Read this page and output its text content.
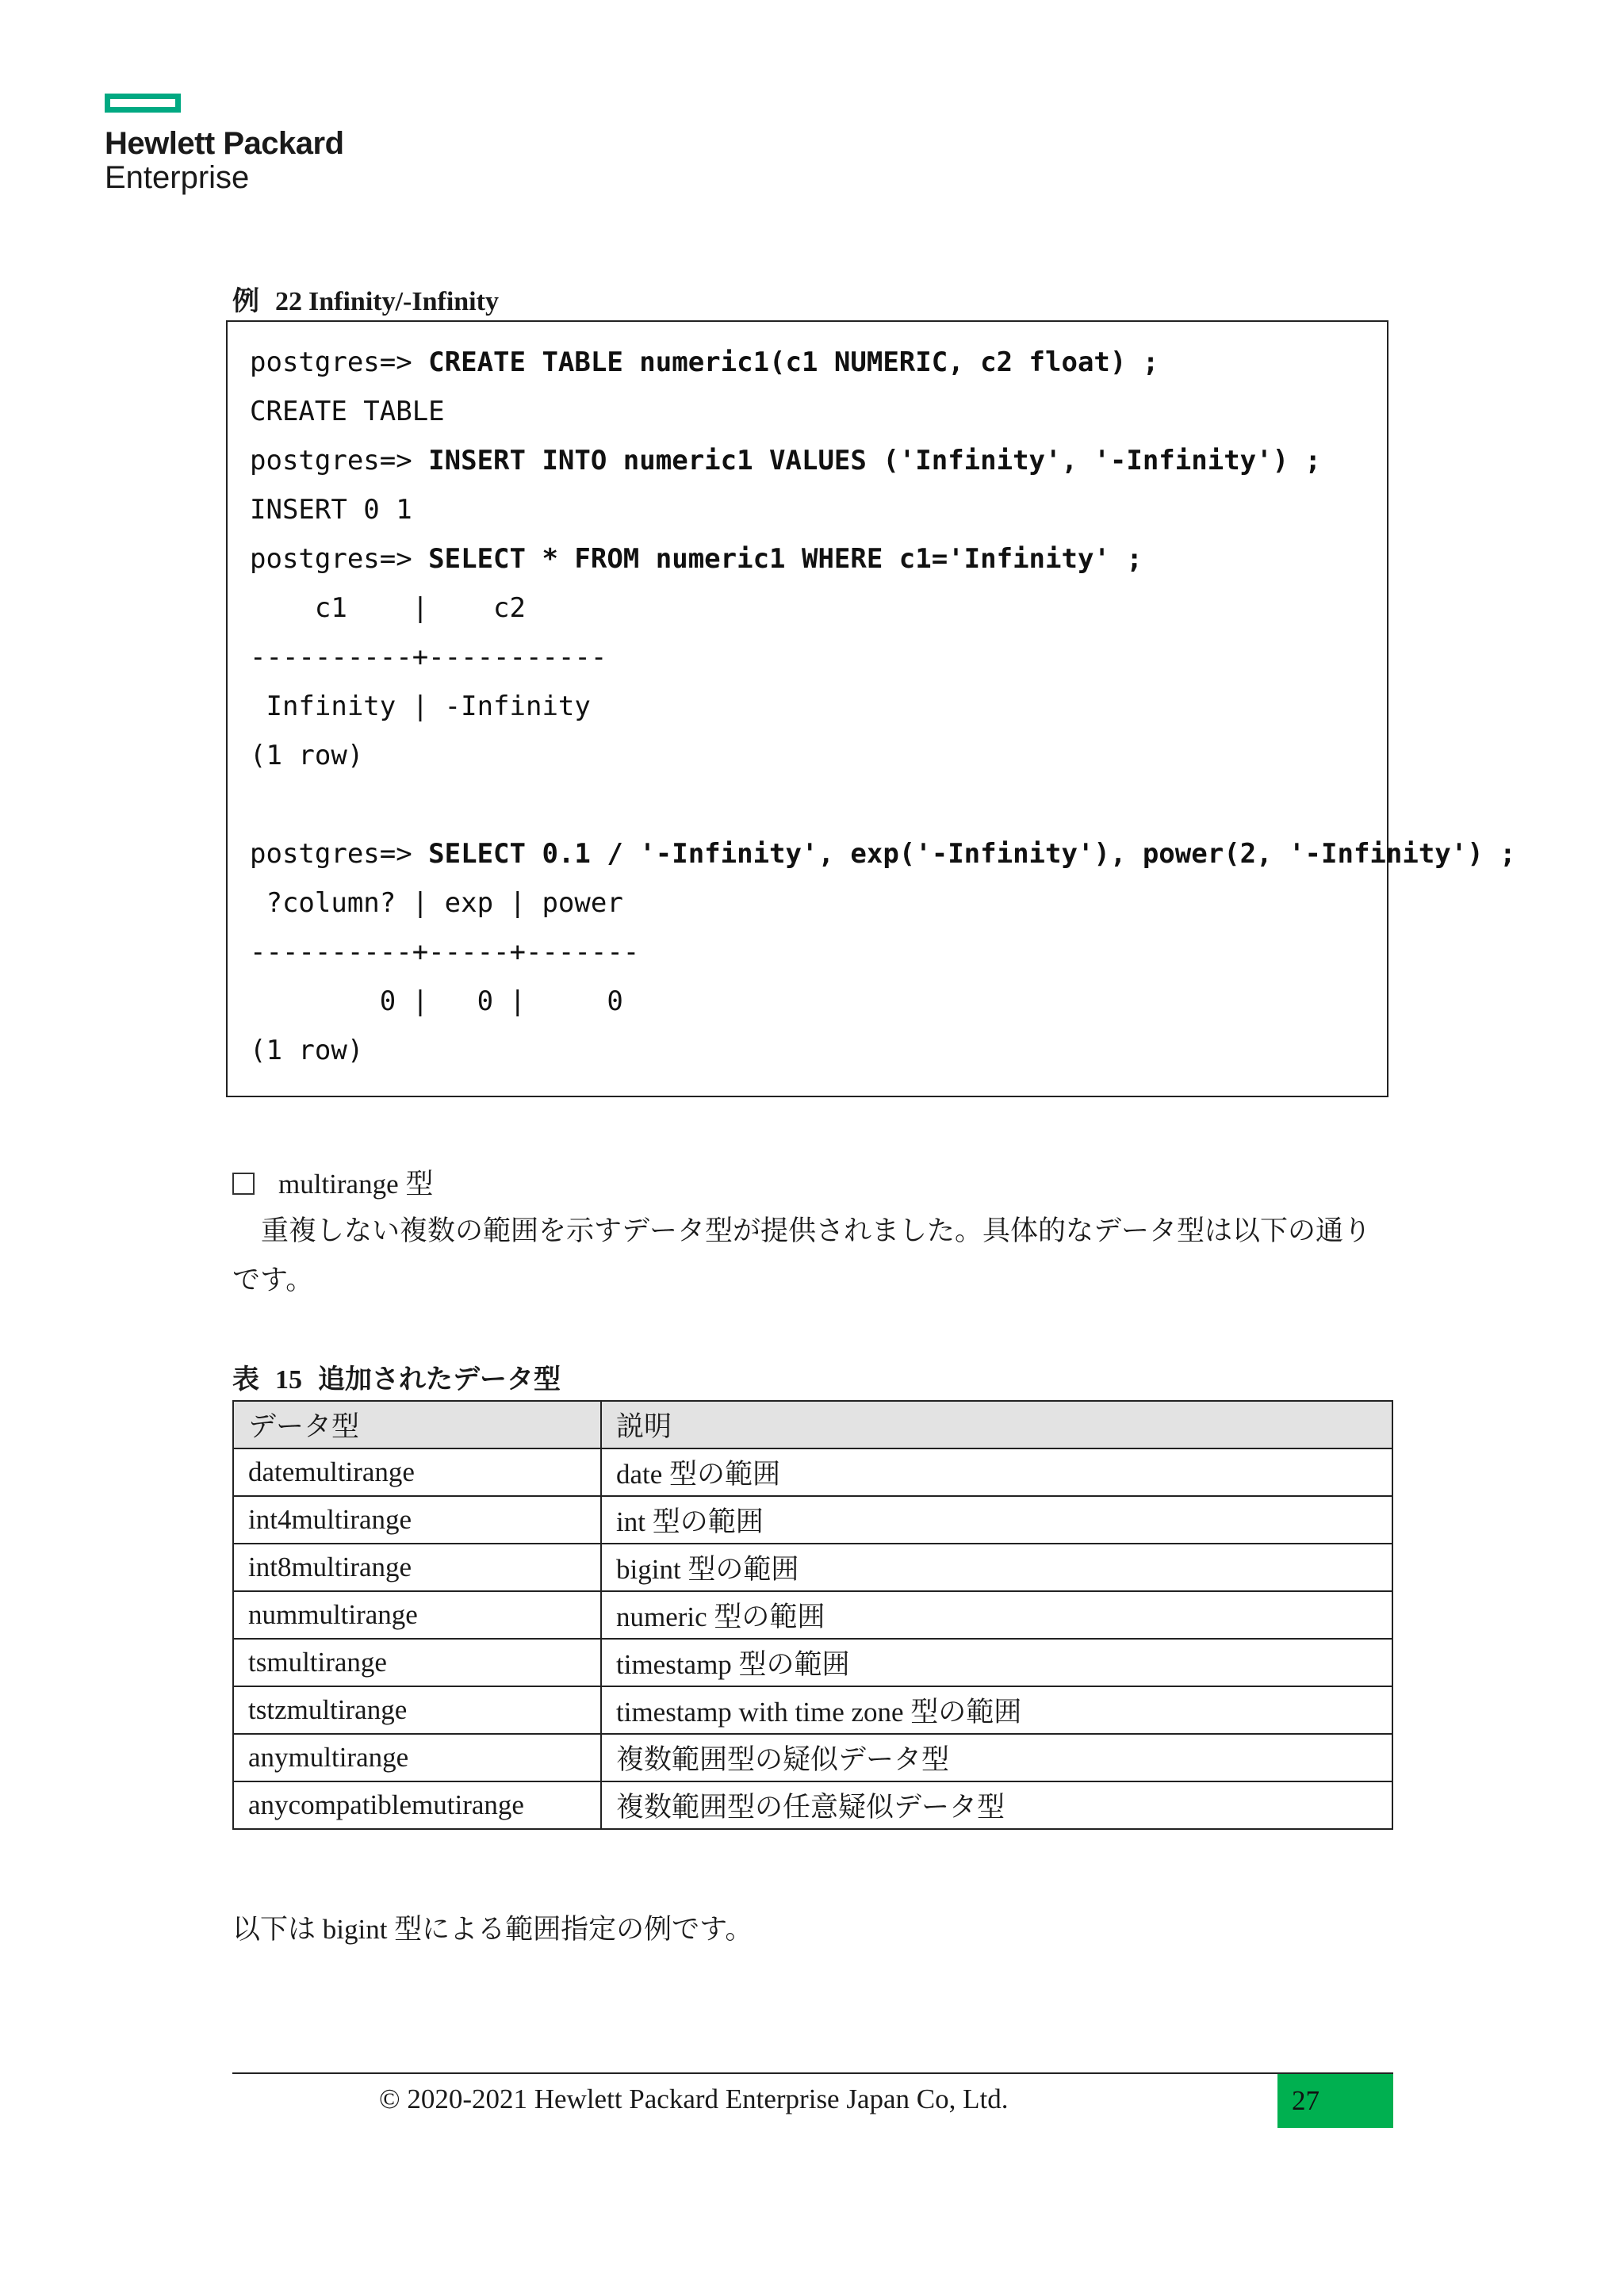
Hewlett Packard
Enterprise
例 22 Infinity/-Infinity
postgres=> CREATE TABLE numeric1(c1 NUMERIC, c2 float) ;
CREATE TABLE
postgres=> INSERT INTO numeric1 VALUES ('Infinity', '-Infinity') ;
INSERT 0 1
postgres=> SELECT * FROM numeric1 WHERE c1='Infinity' ;
c1    |    c2
----------+-----------
Infinity | -Infinity
(1 row)
postgres=> SELECT 0.1 / '-Infinity', exp('-Infinity'), power(2, '-Infinity') ;
?column? | exp | power
----------+-----+-------
0 |   0 |     0
(1 row)
multirange 型
重複しない複数の範囲を示すデータ型が提供されました。具体的なデータ型は以下の通りです。
表 15 追加されたデータ型
データ型	説明
datemultirange	date 型の範囲
int4multirange	int 型の範囲
int8multirange	bigint 型の範囲
nummultirange	numeric 型の範囲
tsmultirange	timestamp 型の範囲
tstzmultirange	timestamp with time zone 型の範囲
anymultirange	複数範囲型の疑似データ型
anycompatiblemutirange	複数範囲型の任意疑似データ型
以下は bigint 型による範囲指定の例です。
© 2020-2021 Hewlett Packard Enterprise Japan Co, Ltd.	27
